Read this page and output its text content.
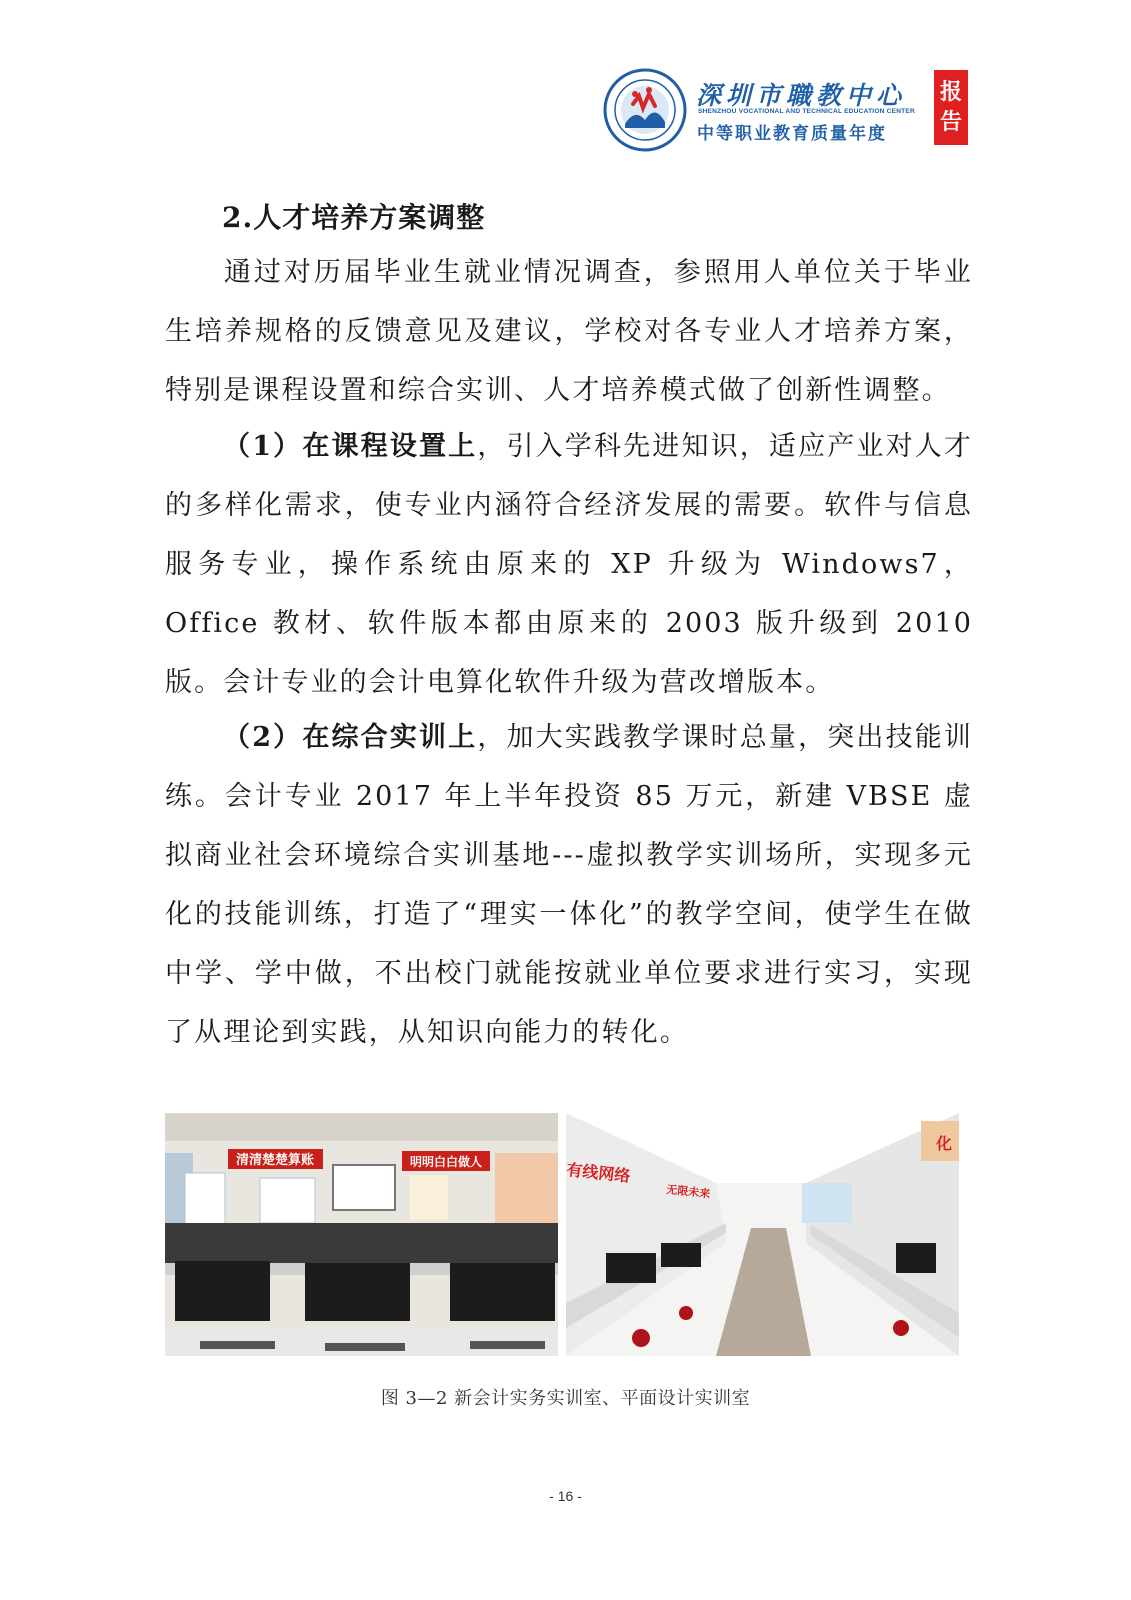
深圳市職教中心
SHENZHOU VOCATIONAL AND TECHNICAL EDUCATION CENTER
中等职业教育质量年度
报
告
2.人才培养方案调整

通过对历届毕业生就业情况调查，参照用人单位关于毕业生培养规格的反馈意见及建议，学校对各专业人才培养方案，特别是课程设置和综合实训、人才培养模式做了创新性调整。

（1）在课程设置上，引入学科先进知识，适应产业对人才的多样化需求，使专业内涵符合经济发展的需要。软件与信息服务专业，操作系统由原来的 XP 升级为 Windows7，Office 教材、软件版本都由原来的 2003 版升级到 2010 版。会计专业的会计电算化软件升级为营改增版本。

（2）在综合实训上，加大实践教学课时总量，突出技能训练。会计专业 2017 年上半年投资 85 万元，新建 VBSE 虚拟商业社会环境综合实训基地---虚拟教学实训场所，实现多元化的技能训练，打造了“理实一体化”的教学空间，使学生在做中学、学中做，不出校门就能按就业单位要求进行实习，实现了从理论到实践，从知识向能力的转化。

清清楚楚算账	明明白白做人	有线网络
无限未来
化
图 3—2 新会计实务实训室、平面设计实训室
- 16 -
